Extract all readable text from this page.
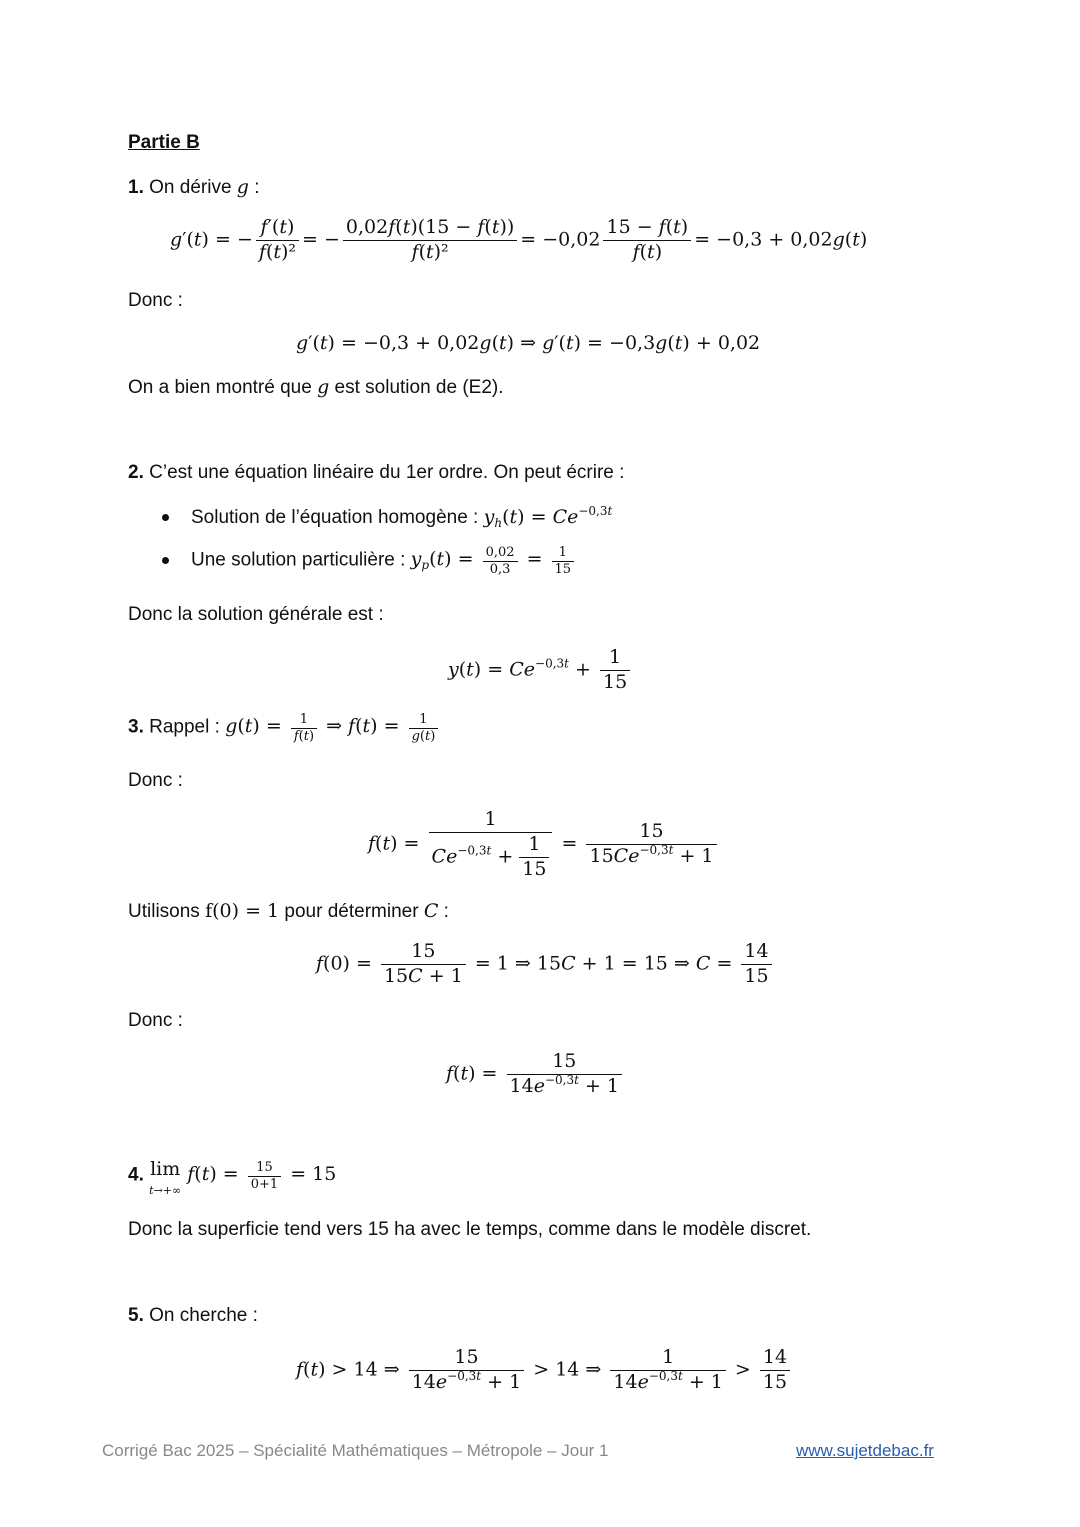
Partie B
1. On dérive g :
g′(t) = − $\frac{f'(t)}{\text{f(t)²}}$ = − $\frac{0,02f(t)(15 - f(t))}{\text{f(t)²}} = -0,02 \frac{15 - f(t)}{f(t)} = -0,3 + 0,02g(t)$
Donc :
g′(t) = −0,3 + 0,02g(t) ⇒ g′(t) = −0,3g(t) + 0,02
On a bien montré que g est solution de (E2).
2. C’est une équation linéaire du 1er ordre. On peut écrire :
Solution de l’équation homogène : $y_h(t) = Ce^{-0,3t}$
Une solution particulière : $y_p(t) = \frac{0,02}{0,3} = \frac{1}{15}$
Donc la solution générale est :
$y(t) = Ce^{-0,3t} + \frac{1}{15}$
3. Rappel : $g(t) = \frac{1}{f(t)}$ ⇒ $f(t) = \frac{1}{g(t)}$
Donc :
$f(t) = \frac{1}{Ce^{-0,3t} + \frac{1}{15}} = \frac{15}{15Ce^{-0,3t} + 1}$
Utilisons f(0) = 1 pour déterminer C :
$f(0) = \frac{15}{15C + 1} = 1$ ⇒ 15C + 1 = 15 ⇒ $C = \frac{14}{15}$
Donc :
$f(t) = \frac{15}{14e^{-0,3t} + 1}$
4. lim
t→+∞ $f(t) = \frac{15}{0+1} = 15$
Donc la superficie tend vers 15 ha avec le temps, comme dans le modèle discret.
5. On cherche :
f(t) > 14 ⇒ $\frac{15}{14e^{-0,3t} + 1} > 14$ ⇒ $\frac{1}{14e^{-0,3t} + 1} > \frac{14}{15}$
Corrigé Bac 2025 – Spécialité Mathématiques – Métropole – Jour 1	www.sujetdebac.fr
